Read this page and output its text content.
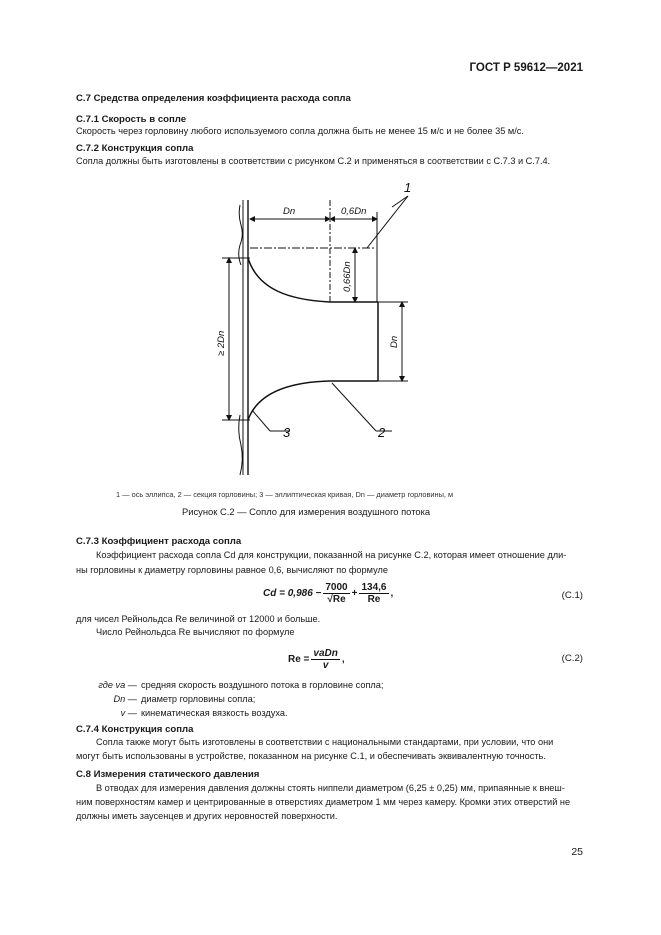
ГОСТ Р 59612—2021
С.7 Средства определения коэффициента расхода сопла
С.7.1 Скорость в сопле
Скорость через горловину любого используемого сопла должна быть не менее 15 м/с и не более 35 м/с.
С.7.2 Конструкция сопла
Сопла должны быть изготовлены в соответствии с рисунком С.2 и применяться в соответствии с С.7.3 и С.7.4.
Dn	0,6Dn
0,66Dn
Dn
≥ 2Dn
1
2
3
1 — ось эллипса, 2 — секция горловины; 3 — эллиптическая кривая, Dn — диаметр горловины, м
Рисунок С.2 — Сопло для измерения воздушного потока
С.7.3 Коэффициент расхода сопла
Коэффициент расхода сопла Cd для конструкции, показанной на рисунке С.2, которая имеет отношение дли-
ны горловины к диаметру горловины равное 0,6, вычисляют по формуле
$Cd = 0,986 - \frac{7000}{√Re} + \frac{134,6}{Re}$ ,	(С.1)
для чисел Рейнольдса Re величиной от 12000 и больше.
Число Рейнольдса Re вычисляют по формуле
$Re = \frac{\text{vaDn}}{v}$ ,	(С.2)
где va — средняя скорость воздушного потока в горловине сопла;
Dn — диаметр горловины сопла;
v — кинематическая вязкость воздуха.
С.7.4 Конструкция сопла
Сопла также могут быть изготовлены в соответствии с национальными стандартами, при условии, что они
могут быть использованы в устройстве, показанном на рисунке С.1, и обеспечивать эквивалентную точность.
С.8 Измерения статического давления
В отводах для измерения давления должны стоять ниппели диаметром (6,25 ± 0,25) мм, припаянные к внеш-
ним поверхностям камер и центрированные в отверстиях диаметром 1 мм через камеру. Кромки этих отверстий не
должны иметь заусенцев и других неровностей поверхности.
25
